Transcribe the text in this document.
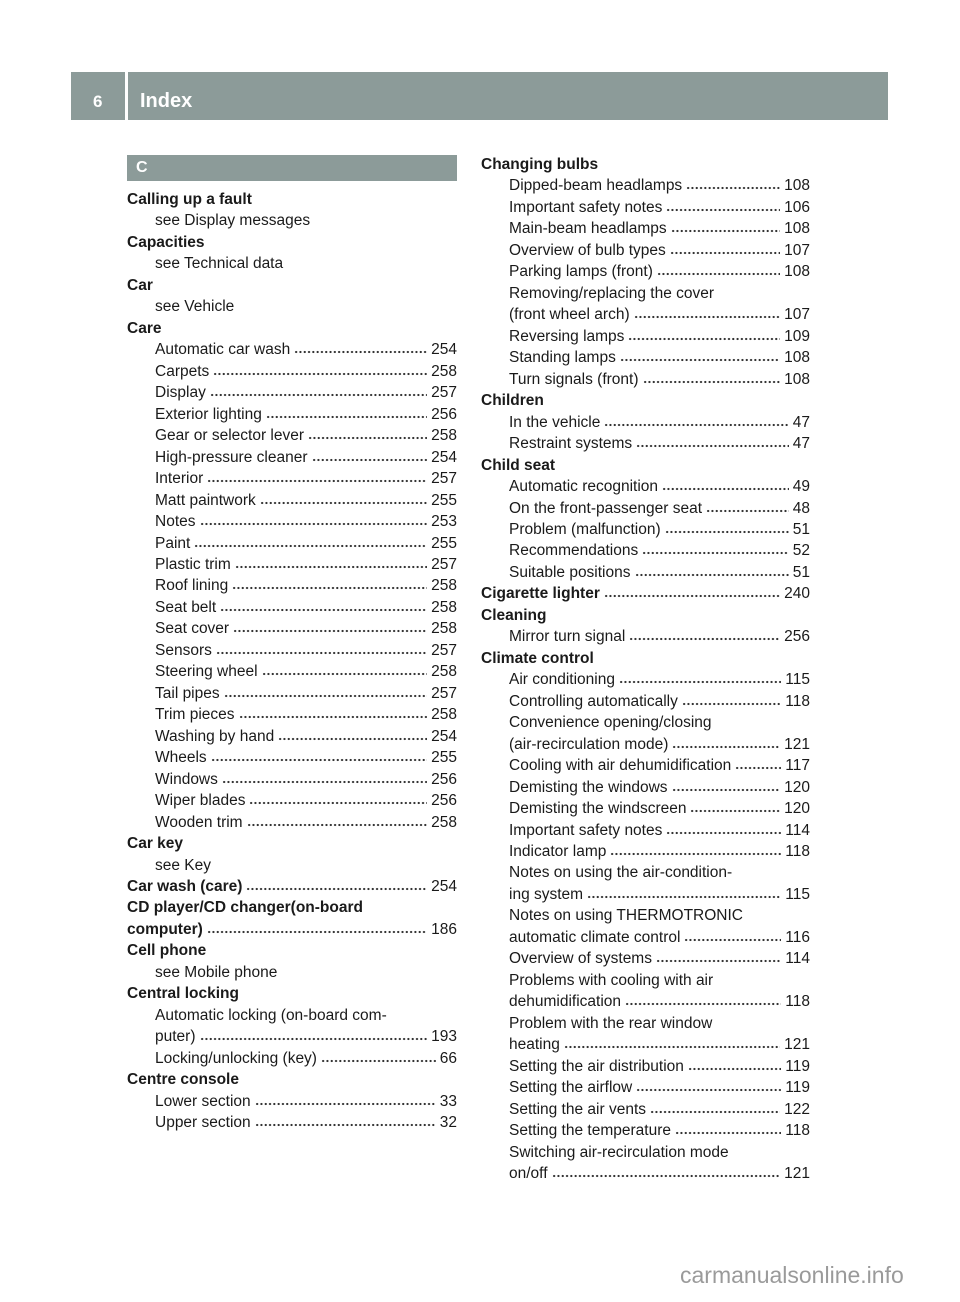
6 Index
C
Calling up a fault
see Display messages
Capacities
see Technical data
Car
see Vehicle
Care
Automatic car wash	254
Carpets	258
Display	257
Exterior lighting	256
Gear or selector lever	258
High-pressure cleaner	254
Interior	257
Matt paintwork	255
Notes	253
Paint	255
Plastic trim	257
Roof lining	258
Seat belt	258
Seat cover	258
Sensors	257
Steering wheel	258
Tail pipes	257
Trim pieces	258
Washing by hand	254
Wheels	255
Windows	256
Wiper blades	256
Wooden trim	258
Car key
see Key
Car wash (care)	254
CD player/CD changer(on-board
computer)	186
Cell phone
see Mobile phone
Central locking
Automatic locking (on-board com-
puter)	193
Locking/unlocking (key)	66
Centre console
Lower section	33
Upper section	32
Changing bulbs
Dipped-beam headlamps	108
Important safety notes	106
Main-beam headlamps	108
Overview of bulb types	107
Parking lamps (front)	108
Removing/replacing the cover
(front wheel arch)	107
Reversing lamps	109
Standing lamps	108
Turn signals (front)	108
Children
In the vehicle	47
Restraint systems	47
Child seat
Automatic recognition	49
On the front-passenger seat	48
Problem (malfunction)	51
Recommendations	52
Suitable positions	51
Cigarette lighter	240
Cleaning
Mirror turn signal	256
Climate control
Air conditioning	115
Controlling automatically	118
Convenience opening/closing
(air-recirculation mode)	121
Cooling with air dehumidification	117
Demisting the windows	120
Demisting the windscreen	120
Important safety notes	114
Indicator lamp	118
Notes on using the air-condition-
ing system	115
Notes on using THERMOTRONIC
automatic climate control	116
Overview of systems	114
Problems with cooling with air
dehumidification	118
Problem with the rear window
heating	121
Setting the air distribution	119
Setting the airflow	119
Setting the air vents	122
Setting the temperature	118
Switching air-recirculation mode
on/off	121
carmanualsonline.info
